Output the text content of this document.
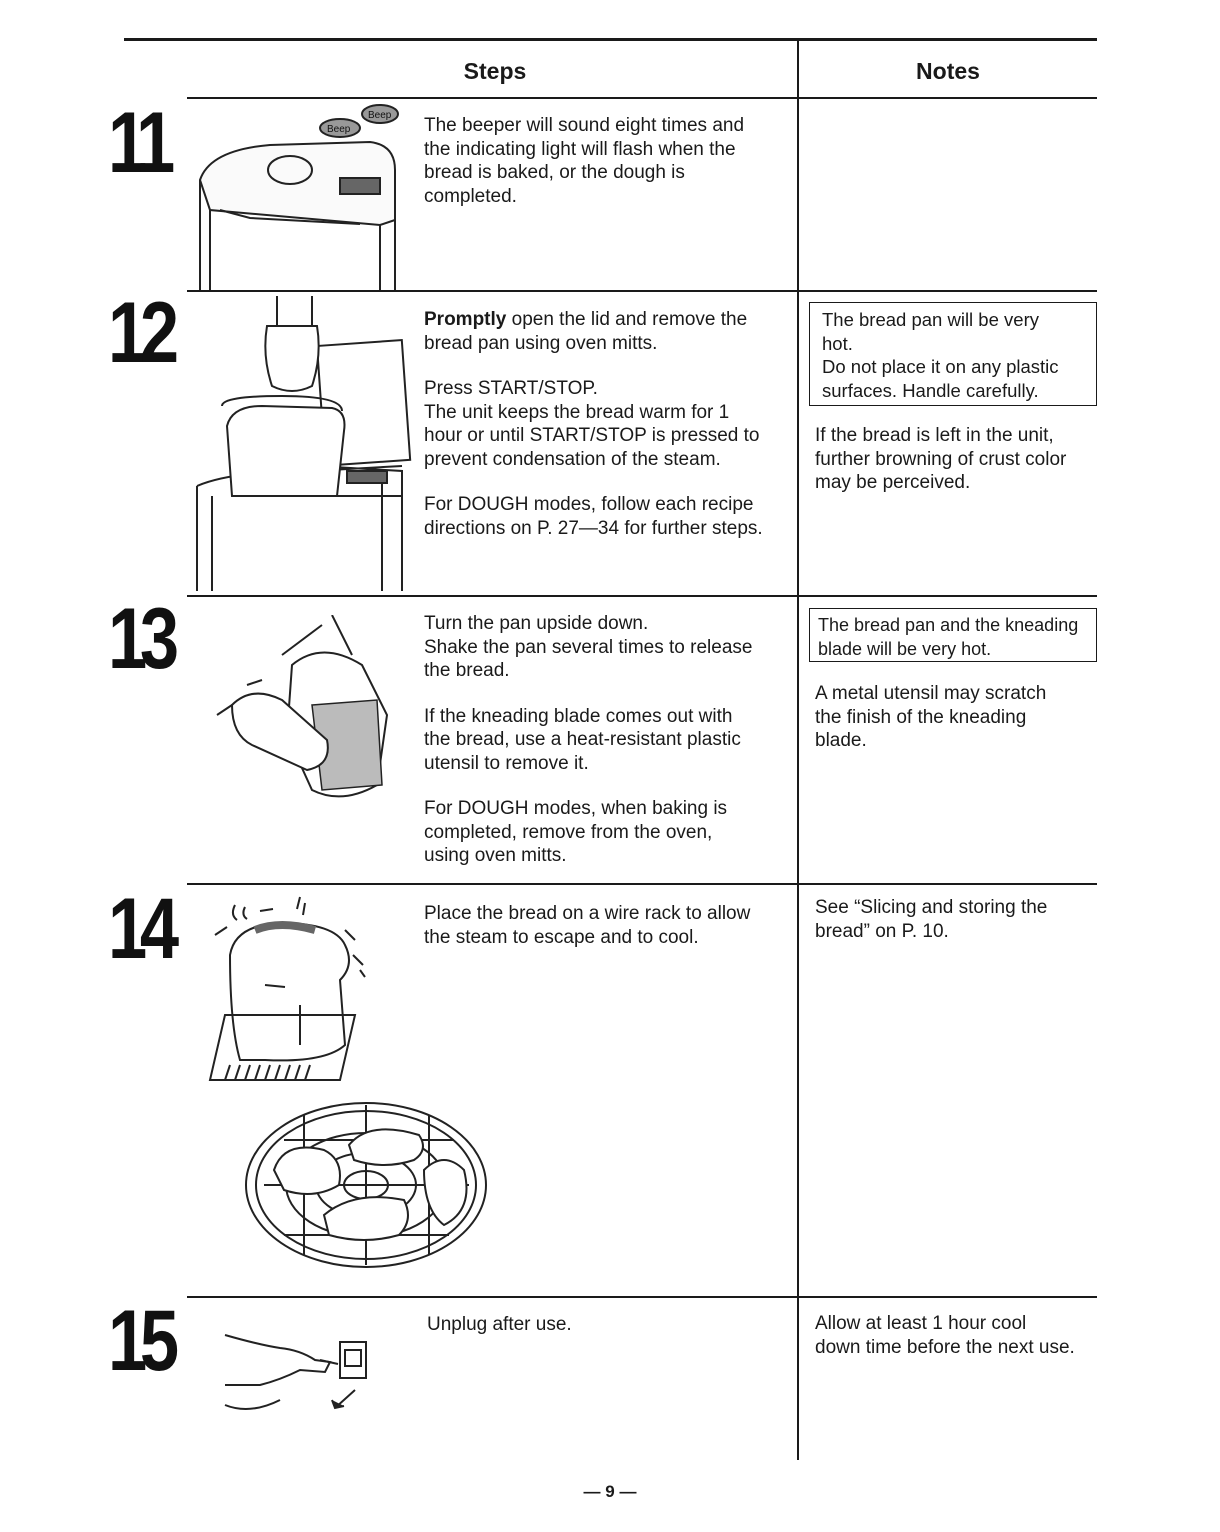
Steps	Notes
11
12
13
14
15
Beep
Beep The beeper will sound eight times and
the indicating light will flash when the
bread is baked, or the dough is
completed.

Promptly open the lid and remove the
bread pan using oven mitts.

Press START/STOP.
The unit keeps the bread warm for 1
hour or until START/STOP is pressed to
prevent condensation of the steam.

For DOUGH modes, follow each recipe
directions on P. 27—34 for further steps.

The bread pan will be very
hot.
Do not place it on any plastic
surfaces. Handle carefully.

If the bread is left in the unit,
further browning of crust color
may be perceived.

Turn the pan upside down.
Shake the pan several times to release
the bread.

If the kneading blade comes out with
the bread, use a heat-resistant plastic
utensil to remove it.

For DOUGH modes, when baking is
completed, remove from the oven,
using oven mitts.

The bread pan and the kneading
blade will be very hot.

A metal utensil may scratch
the finish of the kneading
blade.

Place the bread on a wire rack to allow
the steam to escape and to cool.

See “Slicing and storing the
bread” on P. 10.

Unplug after use.	Allow at least 1 hour cool
down time before the next use.

— 9 —
